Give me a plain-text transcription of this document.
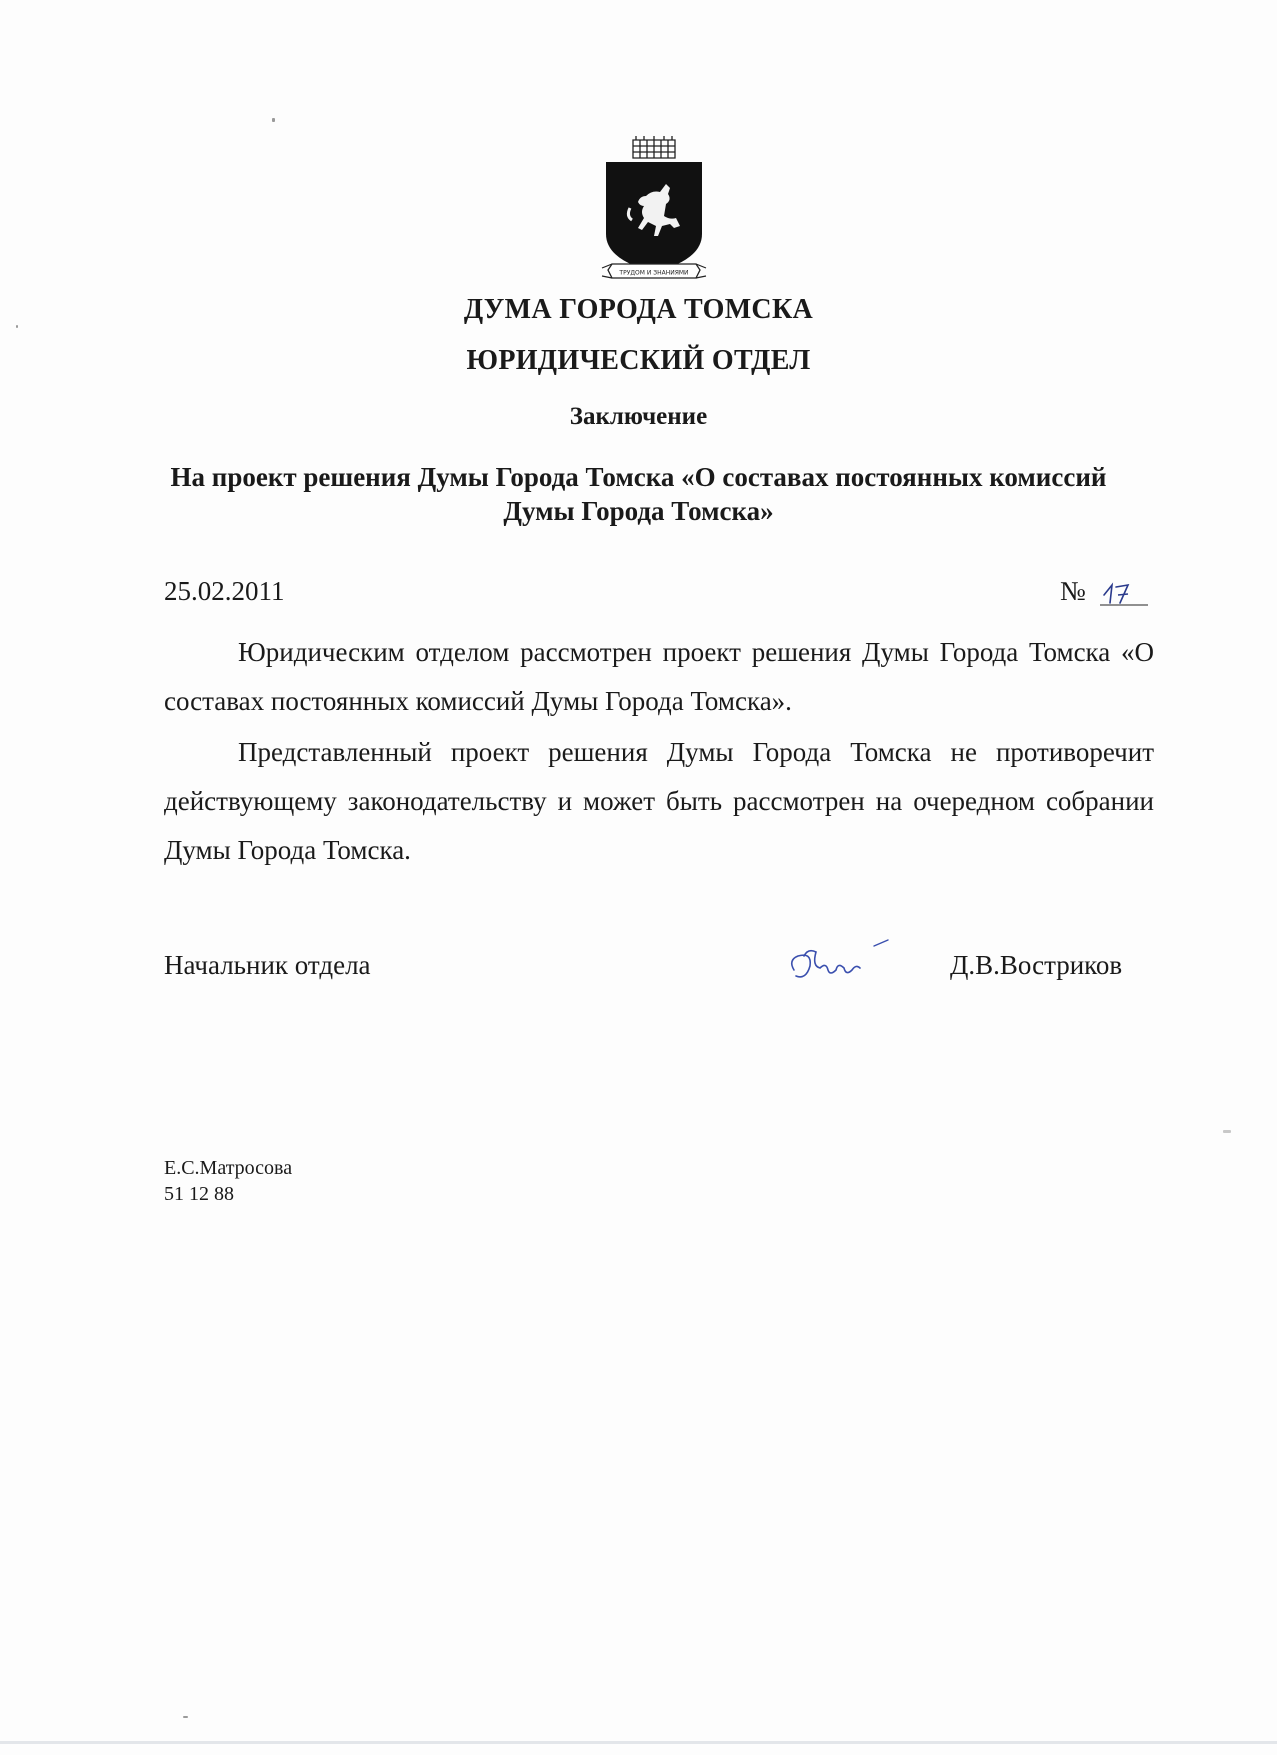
ТРУДОМ И ЗНАНИЯМИ
ДУМА ГОРОДА ТОМСКА
ЮРИДИЧЕСКИЙ ОТДЕЛ
Заключение
На проект решения Думы Города Томска «О составах постоянных комиссий Думы Города Томска»
25.02.2011	№
Юридическим отделом рассмотрен проект решения Думы Города Томска «О составах постоянных комиссий Думы Города Томска».
Представленный проект решения Думы Города Томска не противоречит действующему законодательству и может быть рассмотрен на очередном собрании Думы Города Томска.
Начальник отдела	Д.В.Востриков
Е.С.Матросова
51 12 88
